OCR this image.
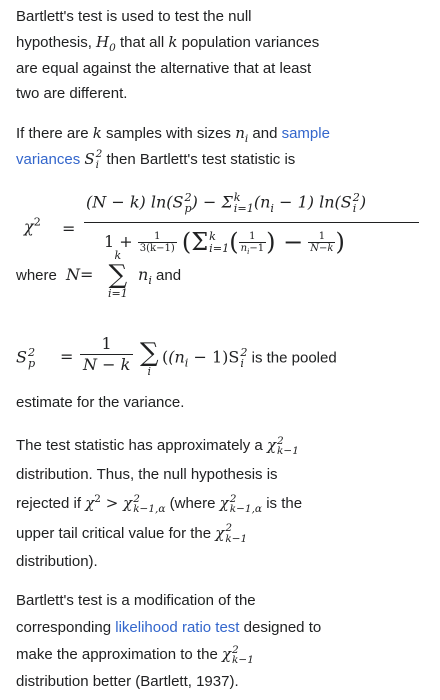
Bartlett's test is used to test the null
hypothesis, $H_0$ that all k population variances
are equal against the alternative that at least
two are different.
If there are k samples with sizes $n_i$ and sample
variances S 2
i then Bartlett's test statistic is
$\chi^2$ =
(N − k) ln(S 2
p ) − Σ k
i=1 $(n_i - 1)$ ln(S 2
i )
$1 + \frac{1}{3(k-1)} (\Sigma$ k
i=1 ( $\frac{1}{n_i-1}$ ) − $\frac{1}{N-k}$ )
where N =
k
∑
i=1
$n_i$ and
S 2
p =
1
N − k ∑
i
($(n_i - 1)S$ 2
i is the pooled
estimate for the variance.
The test statistic has approximately a χ 2
k−1

distribution. Thus, the null hypothesis is
rejected if $\chi^2 > \chi$ 2
k−1,α (where χ 2
k−1,α is the
upper tail critical value for the χ 2
k−1

distribution).
Bartlett's test is a modification of the
corresponding likelihood ratio test designed to
make the approximation to the χ 2
k−1

distribution better (Bartlett, 1937).
